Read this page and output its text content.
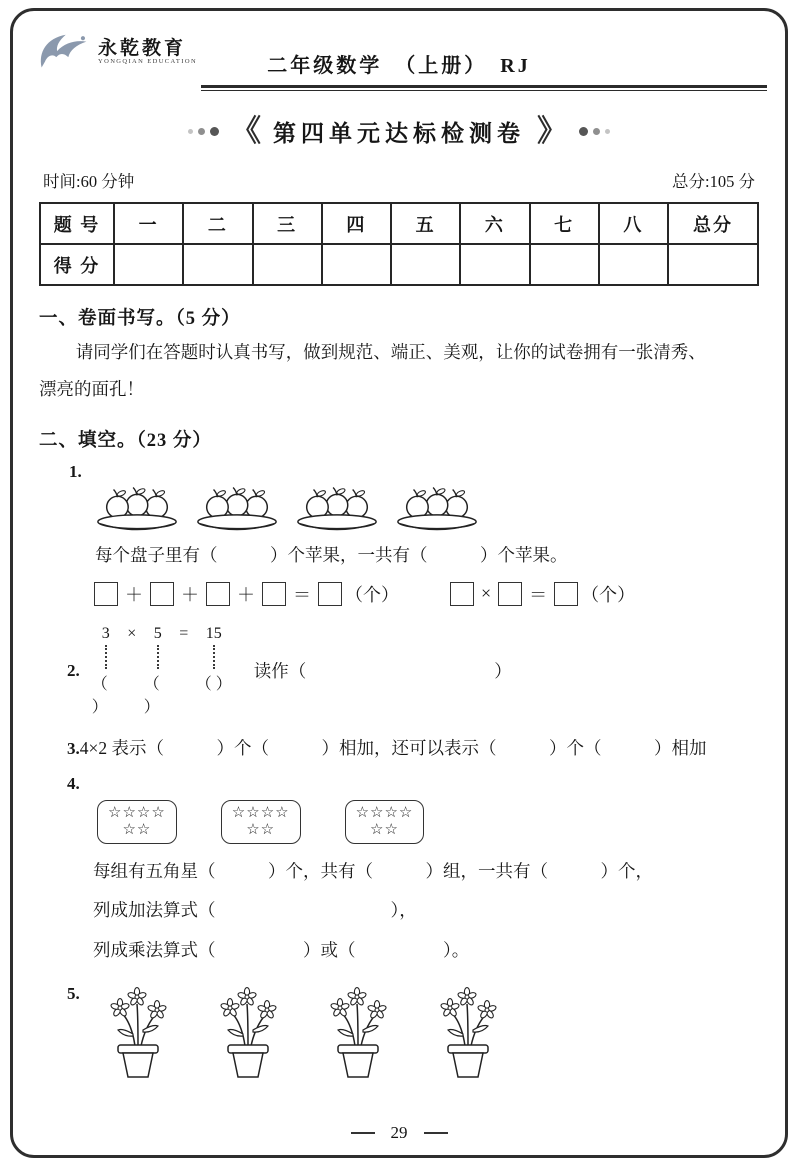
永乾教育
YONGQIAN EDUCATION	二年级数学　（上册）　RJ
《 第四单元达标检测卷 》
时间:60 分钟	总分:105 分
题 号	一	二	三	四	五	六	七	八	总分
得 分									
一、卷面书写。（5 分）
请同学们在答题时认真书写，做到规范、端正、美观，让你的试卷拥有一张清秀、
漂亮的面孔！
二、填空。（23 分）
1.
每个盘子里有（　　　）个苹果，一共有（　　　）个苹果。
＋ ＋ ＋ ＝ （个）	× ＝ （个）
2.
3 × 5 = 15
（ ）
（ ）
（ ）
读作（	）
3.4×2 表示（　　　）个（　　　）相加，还可以表示（　　　）个（　　　）相加
4.
☆☆☆☆
☆☆
☆☆☆☆
☆☆
☆☆☆☆
☆☆
每组有五角星（　　　）个，共有（　　　）组，一共有（　　　）个，
列成加法算式（　　　　　　　　　　），
列成乘法算式（　　　　　）或（　　　　　）。
5.
29
